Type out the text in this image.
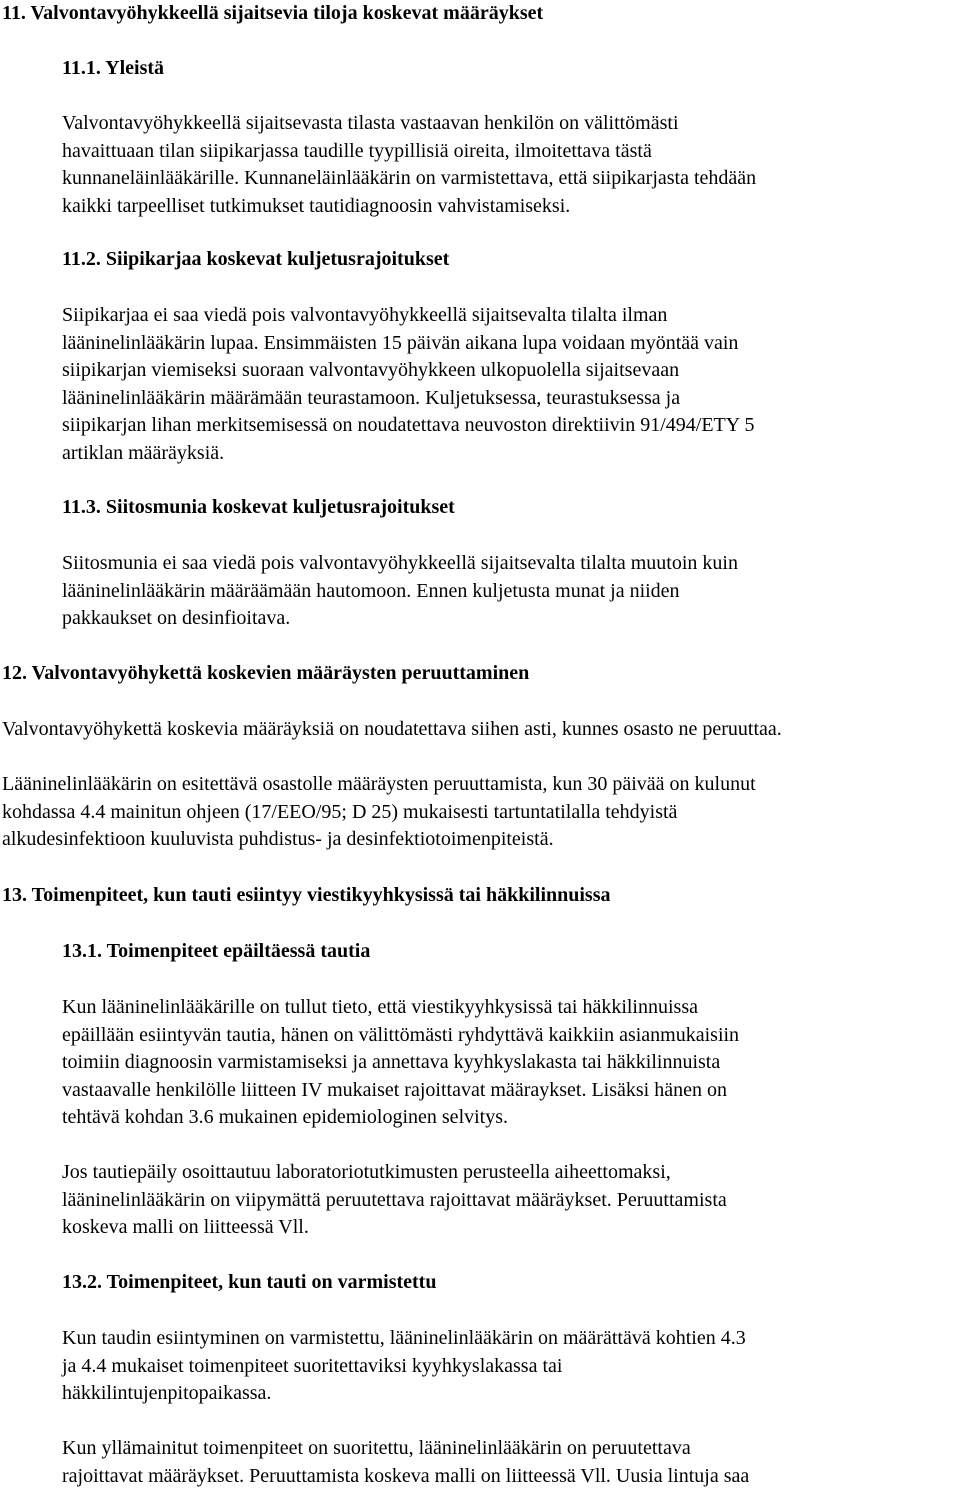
11. Valvontavyöhykkeellä sijaitsevia tiloja koskevat määräykset
11.1. Yleistä

Valvontavyöhykkeellä sijaitsevasta tilasta vastaavan henkilön on välittömästi
havaittuaan tilan siipikarjassa taudille tyypillisiä oireita, ilmoitettava tästä
kunnaneläinlääkärille. Kunnaneläinlääkärin on varmistettava, että siipikarjasta tehdään
kaikki tarpeelliset tutkimukset tautidiagnoosin vahvistamiseksi.

11.2. Siipikarjaa koskevat kuljetusrajoitukset

Siipikarjaa ei saa viedä pois valvontavyöhykkeellä sijaitsevalta tilalta ilman
lääninelinlääkärin lupaa. Ensimmäisten 15 päivän aikana lupa voidaan myöntää vain
siipikarjan viemiseksi suoraan valvontavyöhykkeen ulkopuolella sijaitsevaan
lääninelinlääkärin määrämään teurastamoon. Kuljetuksessa, teurastuksessa ja
siipikarjan lihan merkitsemisessä on noudatettava neuvoston direktiivin 91/494/ETY 5
artiklan määräyksiä.

11.3. Siitosmunia koskevat kuljetusrajoitukset

Siitosmunia ei saa viedä pois valvontavyöhykkeellä sijaitsevalta tilalta muutoin kuin
lääninelinlääkärin määräämään hautomoon. Ennen kuljetusta munat ja niiden
pakkaukset on desinfioitava.

12. Valvontavyöhykettä koskevien määräysten peruuttaminen

Valvontavyöhykettä koskevia määräyksiä on noudatettava siihen asti, kunnes osasto ne peruuttaa.

Lääninelinlääkärin on esitettävä osastolle määräysten peruuttamista, kun 30 päivää on kulunut
kohdassa 4.4 mainitun ohjeen (17/EEO/95; D 25) mukaisesti tartuntatilalla tehdyistä
alkudesinfektioon kuuluvista puhdistus- ja desinfektiotoimenpiteistä.

13. Toimenpiteet, kun tauti esiintyy viestikyyhkysissä tai häkkilinnuissa
13.1. Toimenpiteet epäiltäessä tautia

Kun lääninelinlääkärille on tullut tieto, että viestikyyhkysissä tai häkkilinnuissa
epäillään esiintyvän tautia, hänen on välittömästi ryhdyttävä kaikkiin asianmukaisiin
toimiin diagnoosin varmistamiseksi ja annettava kyyhkyslakasta tai häkkilinnuista
vastaavalle henkilölle liitteen IV mukaiset rajoittavat määraykset. Lisäksi hänen on
tehtävä kohdan 3.6 mukainen epidemiologinen selvitys.

Jos tautiepäily osoittautuu laboratoriotutkimusten perusteella aiheettomaksi,
lääninelinlääkärin on viipymättä peruutettava rajoittavat määräykset. Peruuttamista
koskeva malli on liitteessä Vll.

13.2. Toimenpiteet, kun tauti on varmistettu

Kun taudin esiintyminen on varmistettu, lääninelinlääkärin on määrättävä kohtien 4.3
ja 4.4 mukaiset toimenpiteet suoritettaviksi kyyhkyslakassa tai
häkkilintujenpitopaikassa.

Kun yllämainitut toimenpiteet on suoritettu, lääninelinlääkärin on peruutettava
rajoittavat määräykset. Peruuttamista koskeva malli on liitteessä Vll. Uusia lintuja saa
